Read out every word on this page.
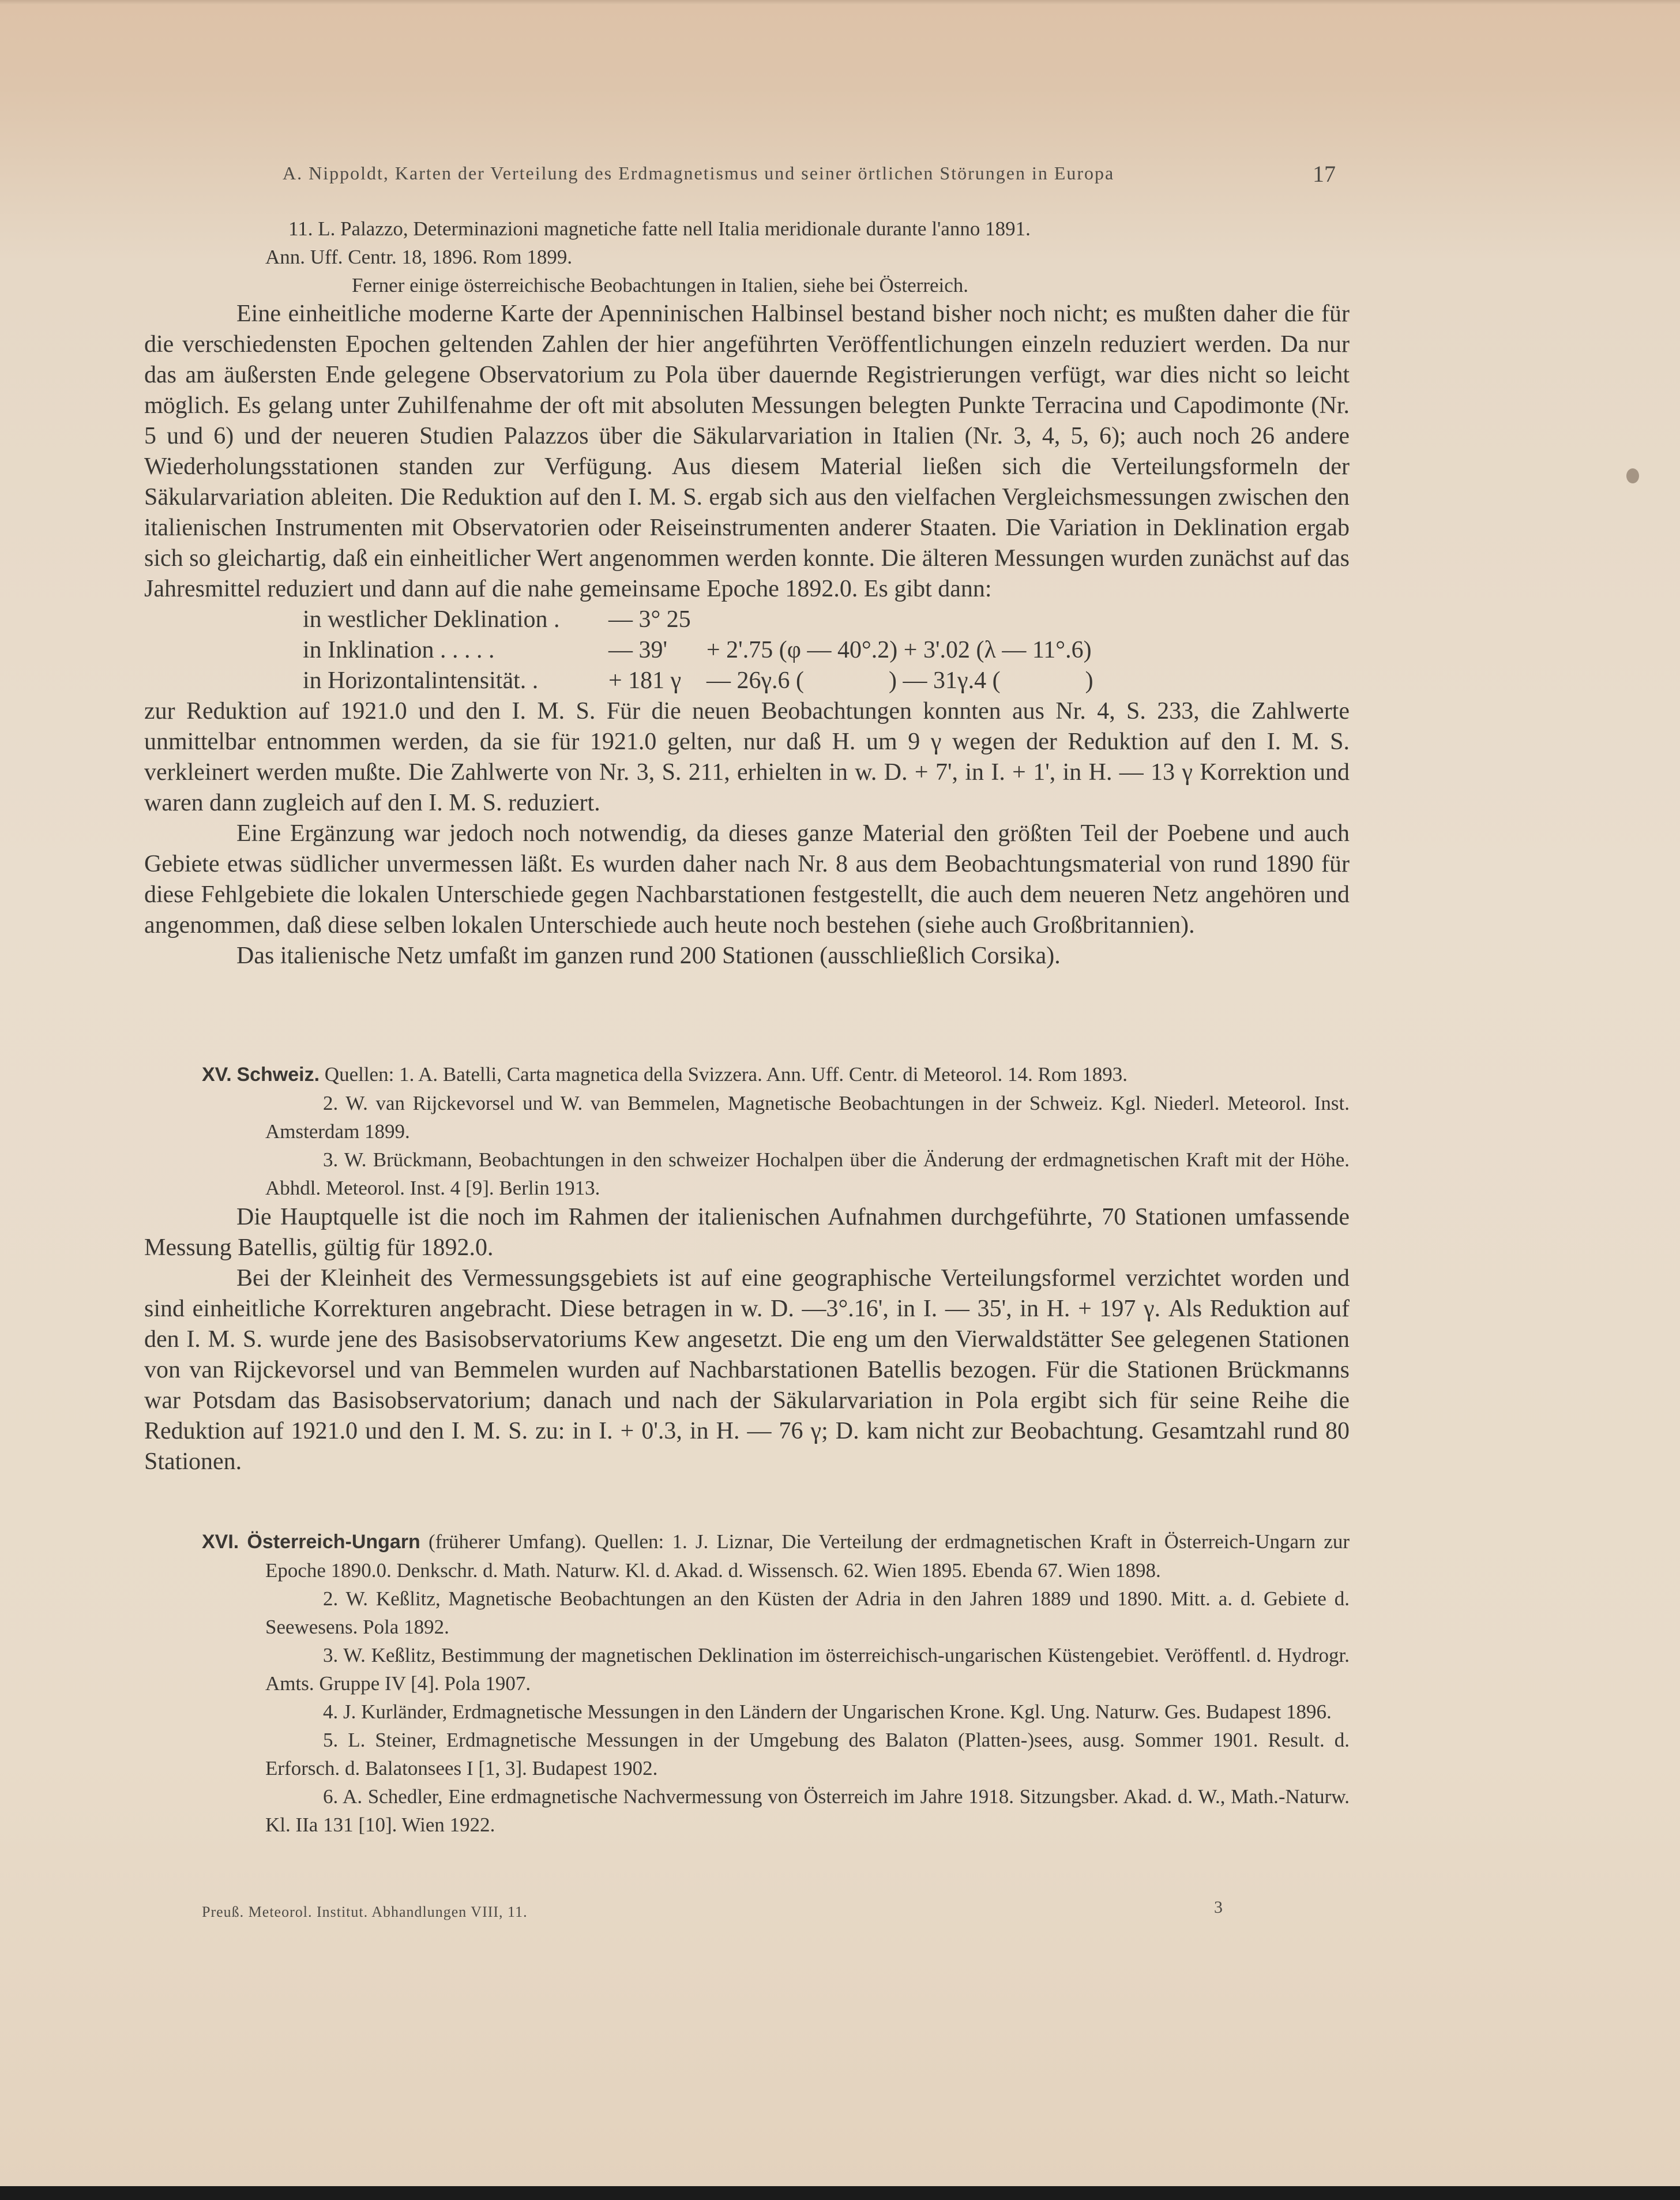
A. Nippoldt, Karten der Verteilung des Erdmagnetismus und seiner örtlichen Störungen in Europa	17

11. L. Palazzo, Determinazioni magnetiche fatte nell Italia meridionale durante l'anno 1891.

Ann. Uff. Centr. 18, 1896. Rom 1899.

Ferner einige österreichische Beobachtungen in Italien, siehe bei Österreich.

Eine einheitliche moderne Karte der Apenninischen Halbinsel bestand bisher noch nicht; es mußten daher die für die verschiedensten Epochen geltenden Zahlen der hier angeführten Veröffentlichungen einzeln reduziert werden. Da nur das am äußersten Ende gelegene Observatorium zu Pola über dauernde Registrierungen verfügt, war dies nicht so leicht möglich. Es gelang unter Zuhilfenahme der oft mit absoluten Messungen belegten Punkte Terracina und Capodimonte (Nr. 5 und 6) und der neueren Studien Palazzos über die Säkularvariation in Italien (Nr. 3, 4, 5, 6); auch noch 26 andere Wiederholungsstationen standen zur Verfügung. Aus diesem Material ließen sich die Verteilungsformeln der Säkularvariation ableiten. Die Reduktion auf den I. M. S. ergab sich aus den vielfachen Vergleichsmessungen zwischen den italienischen Instrumenten mit Observatorien oder Reiseinstrumenten anderer Staaten. Die Variation in Deklination ergab sich so gleichartig, daß ein einheitlicher Wert angenommen werden konnte. Die älteren Messungen wurden zunächst auf das Jahresmittel reduziert und dann auf die nahe gemeinsame Epoche 1892.0. Es gibt dann:

in westlicher Deklination .	— 3° 25
in Inklination . . . . .	— 39'	+ 2'.75 (φ — 40°.2) + 3'.02 (λ — 11°.6)
in Horizontalintensität. .	+ 181 γ	— 26γ.6 (              ) — 31γ.4 (              )

zur Reduktion auf 1921.0 und den I. M. S. Für die neuen Beobachtungen konnten aus Nr. 4, S. 233, die Zahlwerte unmittelbar entnommen werden, da sie für 1921.0 gelten, nur daß H. um 9 γ wegen der Reduktion auf den I. M. S. verkleinert werden mußte. Die Zahlwerte von Nr. 3, S. 211, erhielten in w. D. + 7', in I. + 1', in H. — 13 γ Korrektion und waren dann zugleich auf den I. M. S. reduziert.

Eine Ergänzung war jedoch noch notwendig, da dieses ganze Material den größten Teil der Poebene und auch Gebiete etwas südlicher unvermessen läßt. Es wurden daher nach Nr. 8 aus dem Beobachtungsmaterial von rund 1890 für diese Fehlgebiete die lokalen Unterschiede gegen Nachbarstationen festgestellt, die auch dem neueren Netz angehören und angenommen, daß diese selben lokalen Unterschiede auch heute noch bestehen (siehe auch Großbritannien).

Das italienische Netz umfaßt im ganzen rund 200 Stationen (ausschließlich Corsika).

XV. Schweiz. Quellen: 1. A. Batelli, Carta magnetica della Svizzera. Ann. Uff. Centr. di Meteorol. 14. Rom 1893.

2. W. van Rijckevorsel und W. van Bemmelen, Magnetische Beobachtungen in der Schweiz. Kgl. Niederl. Meteorol. Inst. Amsterdam 1899.

3. W. Brückmann, Beobachtungen in den schweizer Hochalpen über die Änderung der erdmagnetischen Kraft mit der Höhe. Abhdl. Meteorol. Inst. 4 [9]. Berlin 1913.

Die Hauptquelle ist die noch im Rahmen der italienischen Aufnahmen durchgeführte, 70 Stationen umfassende Messung Batellis, gültig für 1892.0.

Bei der Kleinheit des Vermessungsgebiets ist auf eine geographische Verteilungsformel verzichtet worden und sind einheitliche Korrekturen angebracht. Diese betragen in w. D. —3°.16', in I. — 35', in H. + 197 γ. Als Reduktion auf den I. M. S. wurde jene des Basisobservatoriums Kew angesetzt. Die eng um den Vierwaldstätter See gelegenen Stationen von van Rijckevorsel und van Bemmelen wurden auf Nachbarstationen Batellis bezogen. Für die Stationen Brückmanns war Potsdam das Basisobservatorium; danach und nach der Säkularvariation in Pola ergibt sich für seine Reihe die Reduktion auf 1921.0 und den I. M. S. zu: in I. + 0'.3, in H. — 76 γ; D. kam nicht zur Beobachtung. Gesamtzahl rund 80 Stationen.

XVI. Österreich-Ungarn (früherer Umfang). Quellen: 1. J. Liznar, Die Verteilung der erdmagnetischen Kraft in Österreich-Ungarn zur Epoche 1890.0. Denkschr. d. Math. Naturw. Kl. d. Akad. d. Wissensch. 62. Wien 1895. Ebenda 67. Wien 1898.

2. W. Keßlitz, Magnetische Beobachtungen an den Küsten der Adria in den Jahren 1889 und 1890. Mitt. a. d. Gebiete d. Seewesens. Pola 1892.

3. W. Keßlitz, Bestimmung der magnetischen Deklination im österreichisch-ungarischen Küstengebiet. Veröffentl. d. Hydrogr. Amts. Gruppe IV [4]. Pola 1907.

4. J. Kurländer, Erdmagnetische Messungen in den Ländern der Ungarischen Krone. Kgl. Ung. Naturw. Ges. Budapest 1896.

5. L. Steiner, Erdmagnetische Messungen in der Umgebung des Balaton (Platten-)sees, ausg. Sommer 1901. Result. d. Erforsch. d. Balatonsees I [1, 3]. Budapest 1902.

6. A. Schedler, Eine erdmagnetische Nachvermessung von Österreich im Jahre 1918. Sitzungsber. Akad. d. W., Math.-Naturw. Kl. IIa 131 [10]. Wien 1922.

Preuß. Meteorol. Institut. Abhandlungen VIII, 11.	3
